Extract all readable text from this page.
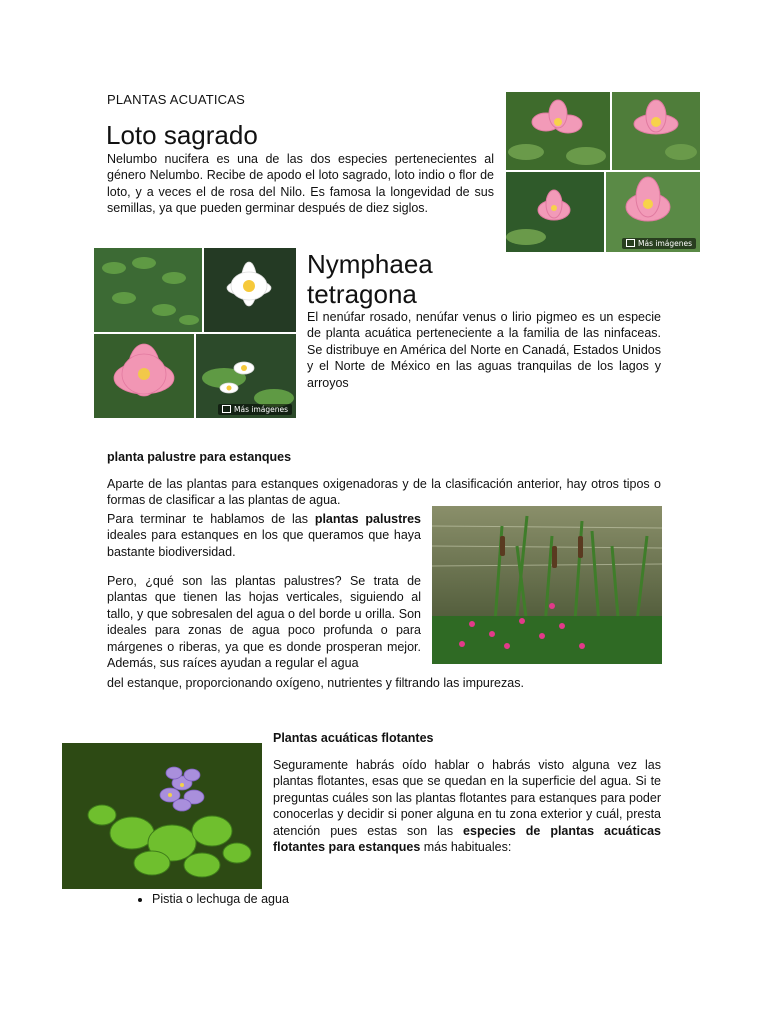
PLANTAS ACUATICAS
Loto sagrado

Nelumbo nucifera es una de las dos especies pertenecientes al género Nelumbo. Recibe de apodo el loto sagrado, loto indio o flor de loto, y a veces el de rosa del Nilo. Es famosa la longevidad de sus semillas, ya que pueden germinar después de diez siglos.

Más imágenes
Más imágenes
Nymphaea
tetragona

El nenúfar rosado, nenúfar venus o lirio pigmeo es un especie de planta acuática perteneciente a la familia de las ninfaceas. Se distribuye en América del Norte en Canadá, Estados Unidos y el Norte de México en las aguas tranquilas de los lagos y arroyos

planta palustre para estanques

Aparte de las plantas para estanques oxigenadoras y de la clasificación anterior, hay otros tipos o formas de clasificar a las plantas de agua.

Para terminar te hablamos de las plantas palustres ideales para estanques en los que queramos que haya bastante biodiversidad.

Pero, ¿qué son las plantas palustres? Se trata de plantas que tienen las hojas verticales, siguiendo al tallo, y que sobresalen del agua o del borde u orilla. Son ideales para zonas de agua poco profunda o para márgenes o riberas, ya que es donde prosperan mejor. Además, sus raíces ayudan a regular el agua

del estanque, proporcionando oxígeno, nutrientes y filtrando las impurezas.

Plantas acuáticas flotantes

Seguramente habrás oído hablar o habrás visto alguna vez las plantas flotantes, esas que se quedan en la superficie del agua. Si te preguntas cuáles son las plantas flotantes para estanques para poder conocerlas y decidir si poner alguna en tu zona exterior y cuál, presta atención pues estas son las especies de plantas acuáticas flotantes para estanques más habituales:

• Pistia o lechuga de agua
